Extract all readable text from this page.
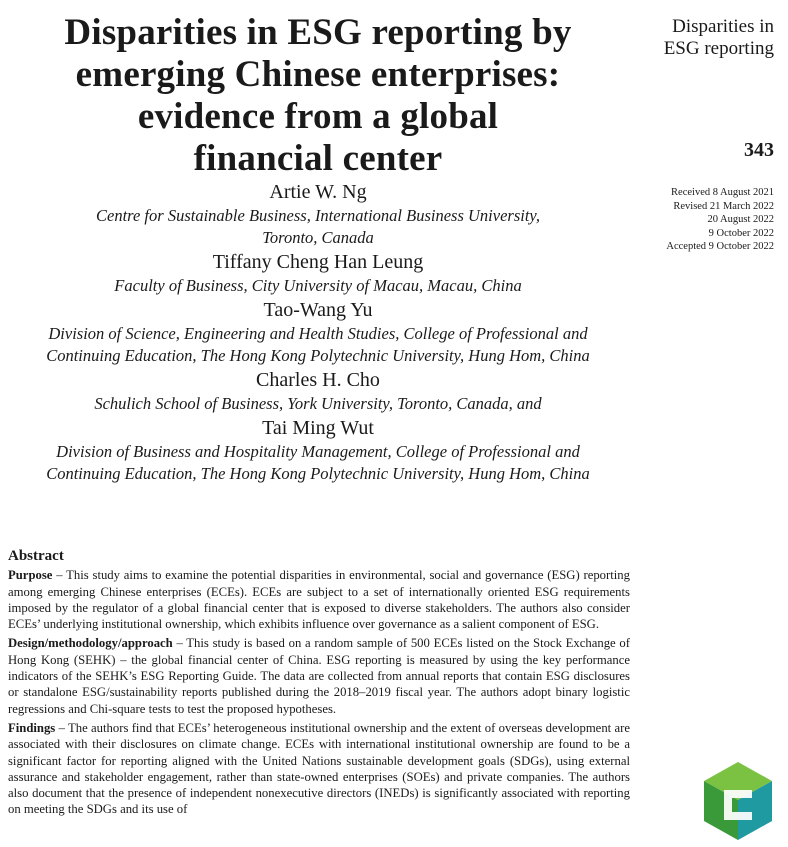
Disparities in ESG reporting by
emerging Chinese enterprises:
evidence from a global
financial center
Disparities in
ESG reporting
343
Received 8 August 2021
Revised 21 March 2022
20 August 2022
9 October 2022
Accepted 9 October 2022
Artie W. Ng
Centre for Sustainable Business, International Business University,
Toronto, Canada
Tiffany Cheng Han Leung
Faculty of Business, City University of Macau, Macau, China
Tao-Wang Yu
Division of Science, Engineering and Health Studies, College of Professional and
Continuing Education, The Hong Kong Polytechnic University, Hung Hom, China
Charles H. Cho
Schulich School of Business, York University, Toronto, Canada, and
Tai Ming Wut
Division of Business and Hospitality Management, College of Professional and
Continuing Education, The Hong Kong Polytechnic University, Hung Hom, China
Abstract

Purpose – This study aims to examine the potential disparities in environmental, social and governance (ESG) reporting among emerging Chinese enterprises (ECEs). ECEs are subject to a set of internationally oriented ESG requirements imposed by the regulator of a global financial center that is exposed to diverse stakeholders. The authors also consider ECEs’ underlying institutional ownership, which exhibits influence over governance as a salient component of ESG.

Design/methodology/approach – This study is based on a random sample of 500 ECEs listed on the Stock Exchange of Hong Kong (SEHK) – the global financial center of China. ESG reporting is measured by using the key performance indicators of the SEHK’s ESG Reporting Guide. The data are collected from annual reports that contain ESG disclosures or standalone ESG/sustainability reports published during the 2018–2019 fiscal year. The authors adopt binary logistic regressions and Chi-square tests to test the proposed hypotheses.

Findings – The authors find that ECEs’ heterogeneous institutional ownership and the extent of overseas development are associated with their disclosures on climate change. ECEs with international institutional ownership are found to be a significant factor for reporting aligned with the United Nations sustainable development goals (SDGs), using external assurance and stakeholder engagement, rather than state-owned enterprises (SOEs) and private companies. The authors also document that the presence of independent nonexecutive directors (INEDs) is significantly associated with reporting on meeting the SDGs and its use of
